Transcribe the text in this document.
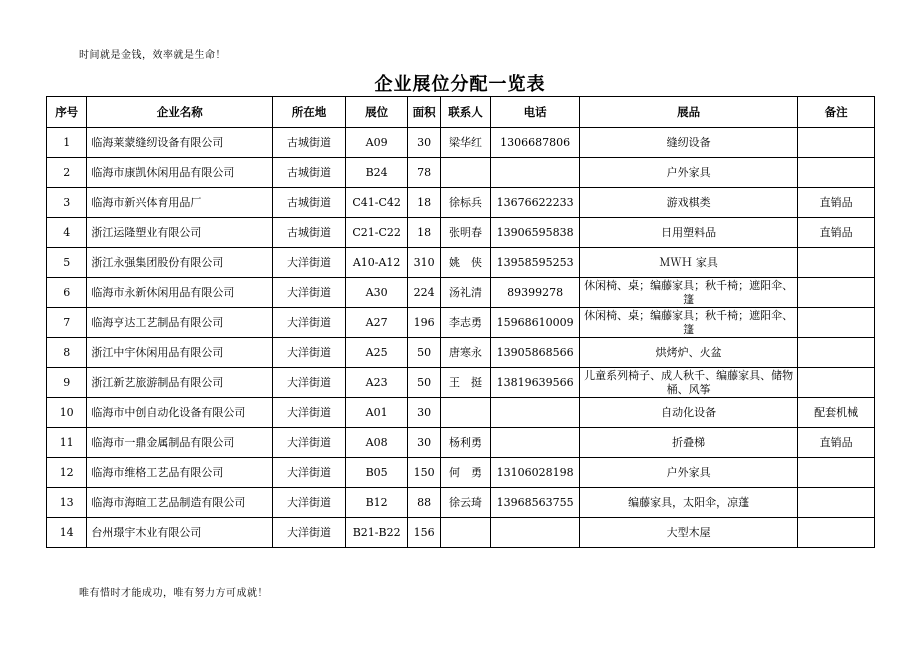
时间就是金钱，效率就是生命！
企业展位分配一览表
序号	企业名称	所在地	展位	面积	联系人	电话	展品	备注
1	临海莱蒙缝纫设备有限公司	古城街道	A09	30	梁华红	1306687806	缝纫设备	
2	临海市康凯休闲用品有限公司	古城街道	B24	78			户外家具	
3	临海市新兴体育用品厂	古城街道	C41-C42	18	徐标兵	13676622233	游戏棋类	直销品
4	浙江运隆塑业有限公司	古城街道	C21-C22	18	张明春	13906595838	日用塑料品	直销品
5	浙江永强集团股份有限公司	大洋街道	A10-A12	310	姚　侠	13958595253	ＭＷＨ 家具	
6	临海市永新休闲用品有限公司	大洋街道	A30	224	汤礼清	89399278	休闲椅、桌；编藤家具；秋千椅；遮阳伞、篷	
7	临海亨达工艺制品有限公司	大洋街道	A27	196	李志勇	15968610009	休闲椅、桌；编藤家具；秋千椅；遮阳伞、篷	
8	浙江中宇休闲用品有限公司	大洋街道	A25	50	唐寒永	13905868566	烘烤炉、火盆	
9	浙江新艺旅游制品有限公司	大洋街道	A23	50	王　挺	13819639566	儿童系列椅子、成人秋千、编藤家具、储物桶、风筝	
10	临海市中创自动化设备有限公司	大洋街道	A01	30			自动化设备	配套机械
11	临海市一鼎金属制品有限公司	大洋街道	A08	30	杨利勇		折叠梯	直销品
12	临海市维格工艺品有限公司	大洋街道	B05	150	何　勇	13106028198	户外家具	
13	临海市海暄工艺品制造有限公司	大洋街道	B12	88	徐云琦	13968563755	编藤家具，太阳伞，凉蓬	
14	台州璟宇木业有限公司	大洋街道	B21-B22	156			大型木屋	
唯有惜时才能成功，唯有努力方可成就！
